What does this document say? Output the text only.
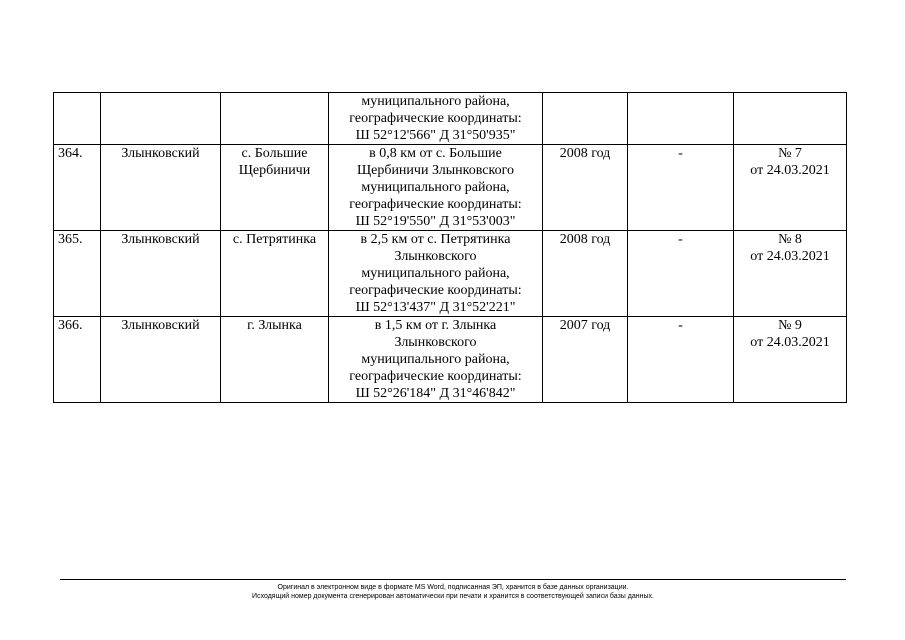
			муниципального района,
географические координаты:
Ш 52°12'566" Д 31°50'935"			

364.	Злынковский	с. Большие
Щербиничи	в 0,8 км от с. Большие
Щербиничи Злынковского
муниципального района,
географические координаты:
Ш 52°19'550" Д 31°53'003"	2008 год	-	№ 7
от 24.03.2021

365.	Злынковский	с. Петрятинка	в 2,5 км от с. Петрятинка
Злынковского
муниципального района,
географические координаты:
Ш 52°13'437" Д 31°52'221"	2008 год	-	№ 8
от 24.03.2021

366.	Злынковский	г. Злынка	в 1,5 км от г. Злынка
Злынковского
муниципального района,
географические координаты:
Ш 52°26'184" Д 31°46'842"	2007 год	-	№ 9
от 24.03.2021
Оригинал в электронном виде в формате MS Word, подписанная ЭП, хранится в базе данных организации.
Исходящий номер документа сгенерирован автоматически при печати и хранится в соответствующей записи базы данных.
